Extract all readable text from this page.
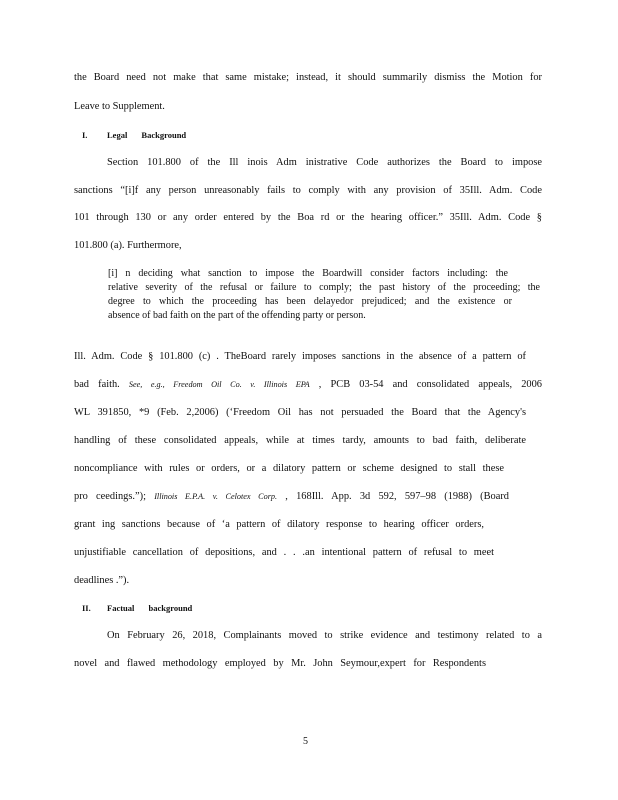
the Board need not make that same mistake; instead, it should summarily dismiss the Motion for
Leave to Supplement.
I. Legal Background
Section 101.800 of the Ill inois Adm inistrative Code authorizes the Board to impose
sanctions “[i]f any person unreasonably fails to comply with any provision of 35Ill. Adm. Code
101 through 130 or any order entered by the Boa rd or the hearing officer.” 35Ill. Adm. Code §
101.800 (a). Furthermore,
[i] n deciding what sanction to impose the Boardwill consider factors including: the
relative severity of the refusal or failure to comply; the past history of the proceeding; the
degree to which the proceeding has been delayedor prejudiced; and the existence or
absence of bad faith on the part of the offending party or person.
Ill. Adm. Code § 101.800 (c) . TheBoard rarely imposes sanctions in the absence of a pattern of
bad faith. See, e.g., Freedom Oil Co. v. Illinois EPA , PCB 03-54 and consolidated appeals, 2006
WL 391850, *9 (Feb. 2,2006) (‘Freedom Oil has not persuaded the Board that the Agency's
handling of these consolidated appeals, while at times tardy, amounts to bad faith, deliberate
noncompliance with rules or orders, or a dilatory pattern or scheme designed to stall these
pro ceedings.”); Illinois E.P.A. v. Celotex Corp. , 168Ill. App. 3d 592, 597–98 (1988) (Board
grant ing sanctions because of ‘a pattern of dilatory response to hearing officer orders,
unjustifiable cancellation of depositions, and . . .an intentional pattern of refusal to meet
deadlines .”).
II. Factual background
On February 26, 2018, Complainants moved to strike evidence and testimony related to a
novel and flawed methodology employed by Mr. John Seymour,expert for Respondents
5
